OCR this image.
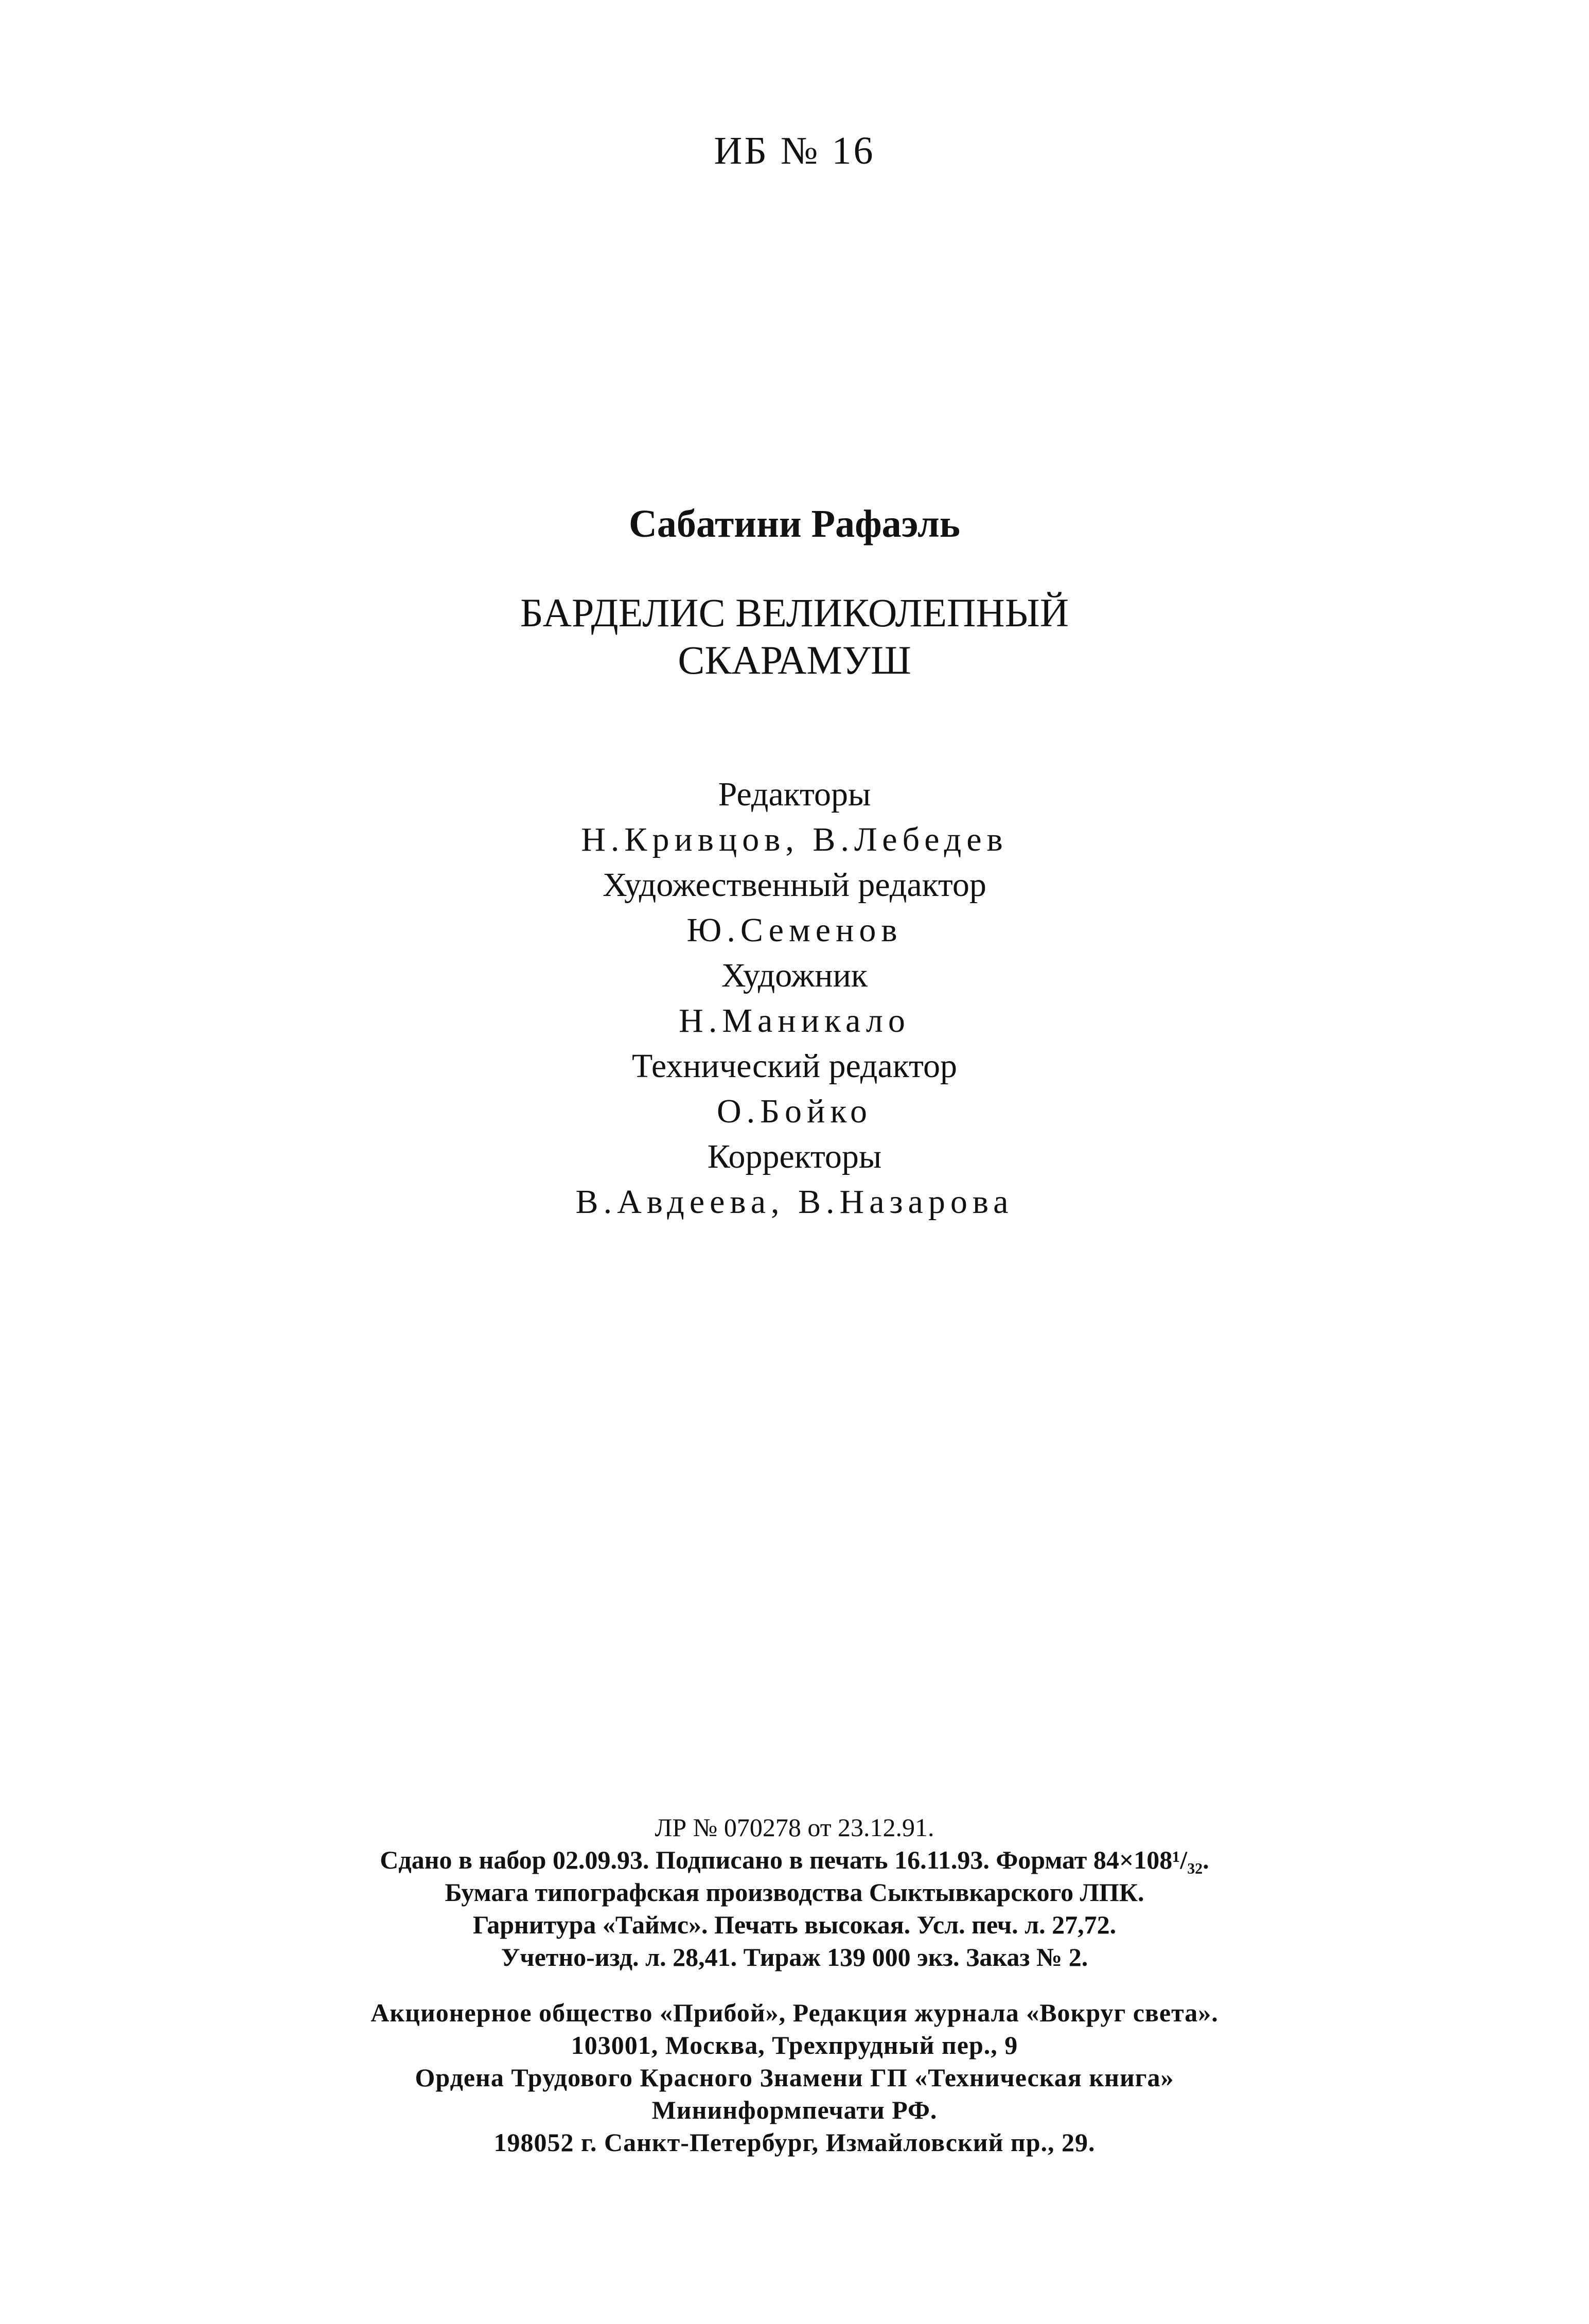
ИБ № 16
Сабатини Рафаэль
БАРДЕЛИС ВЕЛИКОЛЕПНЫЙ
СКАРАМУШ
Редакторы
Н.Кривцов, В.Лебедев
Художественный редактор
Ю.Семенов
Художник
Н.Маникало
Технический редактор
О.Бойко
Корректоры
В.Авдеева, В.Назарова
ЛР № 070278 от 23.12.91.
Сдано в набор 02.09.93. Подписано в печать 16.11.93. Формат 84×108¹/₃₂.
Бумага типографская производства Сыктывкарского ЛПК.
Гарнитура «Таймс». Печать высокая. Усл. печ. л. 27,72.
Учетно-изд. л. 28,41. Тираж 139 000 экз. Заказ № 2.
Акционерное общество «Прибой», Редакция журнала «Вокруг света».
103001, Москва, Трехпрудный пер., 9
Ордена Трудового Красного Знамени ГП «Техническая книга»
Мининформпечати РФ.
198052 г. Санкт-Петербург, Измайловский пр., 29.
